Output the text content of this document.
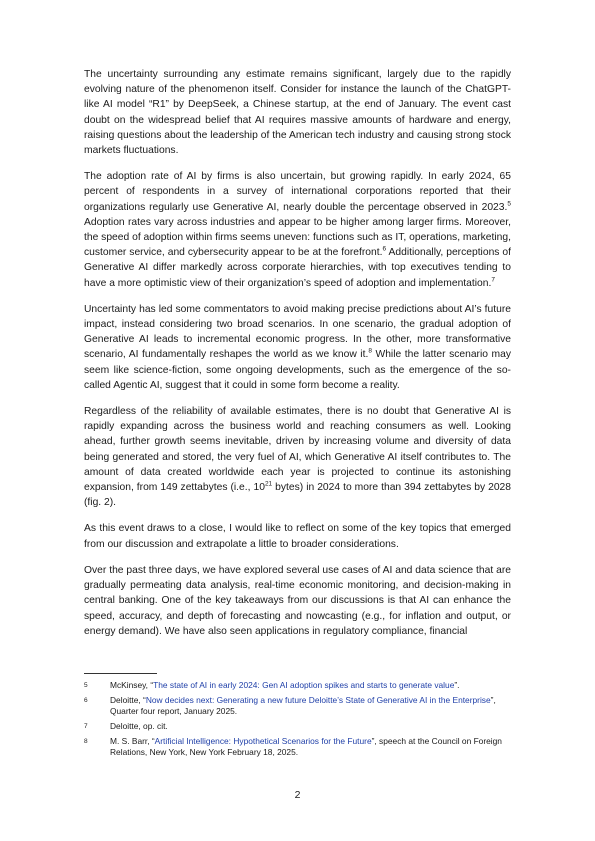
The uncertainty surrounding any estimate remains significant, largely due to the rapidly evolving nature of the phenomenon itself. Consider for instance the launch of the ChatGPT-like AI model “R1” by DeepSeek, a Chinese startup, at the end of January. The event cast doubt on the widespread belief that AI requires massive amounts of hardware and energy, raising questions about the leadership of the American tech industry and causing strong stock markets fluctuations.

The adoption rate of AI by firms is also uncertain, but growing rapidly. In early 2024, 65 percent of respondents in a survey of international corporations reported that their organizations regularly use Generative AI, nearly double the percentage observed in 2023.$^5$ Adoption rates vary across industries and appear to be higher among larger firms. Moreover, the speed of adoption within firms seems uneven: functions such as IT, operations, marketing, customer service, and cybersecurity appear to be at the forefront.$^6$ Additionally, perceptions of Generative AI differ markedly across corporate hierarchies, with top executives tending to have a more optimistic view of their organization’s speed of adoption and implementation.$^7$

Uncertainty has led some commentators to avoid making precise predictions about AI’s future impact, instead considering two broad scenarios. In one scenario, the gradual adoption of Generative AI leads to incremental economic progress. In the other, more transformative scenario, AI fundamentally reshapes the world as we know it.$^8$ While the latter scenario may seem like science-fiction, some ongoing developments, such as the emergence of the so-called Agentic AI, suggest that it could in some form become a reality.

Regardless of the reliability of available estimates, there is no doubt that Generative AI is rapidly expanding across the business world and reaching consumers as well. Looking ahead, further growth seems inevitable, driven by increasing volume and diversity of data being generated and stored, the very fuel of AI, which Generative AI itself contributes to. The amount of data created worldwide each year is projected to continue its astonishing expansion, from 149 zettabytes (i.e., $10^{21}$ bytes) in 2024 to more than 394 zettabytes by 2028 (fig. 2).

As this event draws to a close, I would like to reflect on some of the key topics that emerged from our discussion and extrapolate a little to broader considerations.

Over the past three days, we have explored several use cases of AI and data science that are gradually permeating data analysis, real-time economic monitoring, and decision-making in central banking. One of the key takeaways from our discussions is that AI can enhance the speed, accuracy, and depth of forecasting and nowcasting (e.g., for inflation and output, or energy demand). We have also seen applications in regulatory compliance, financial

5	McKinsey, “The state of AI in early 2024: Gen AI adoption spikes and starts to generate value”.
6	Deloitte, “Now decides next: Generating a new future Deloitte’s State of Generative AI in the Enterprise”, Quarter four report, January 2025.
7	Deloitte, op. cit.
8	M. S. Barr, “Artificial Intelligence: Hypothetical Scenarios for the Future”, speech at the Council on Foreign Relations, New York, New York February 18, 2025.
2
